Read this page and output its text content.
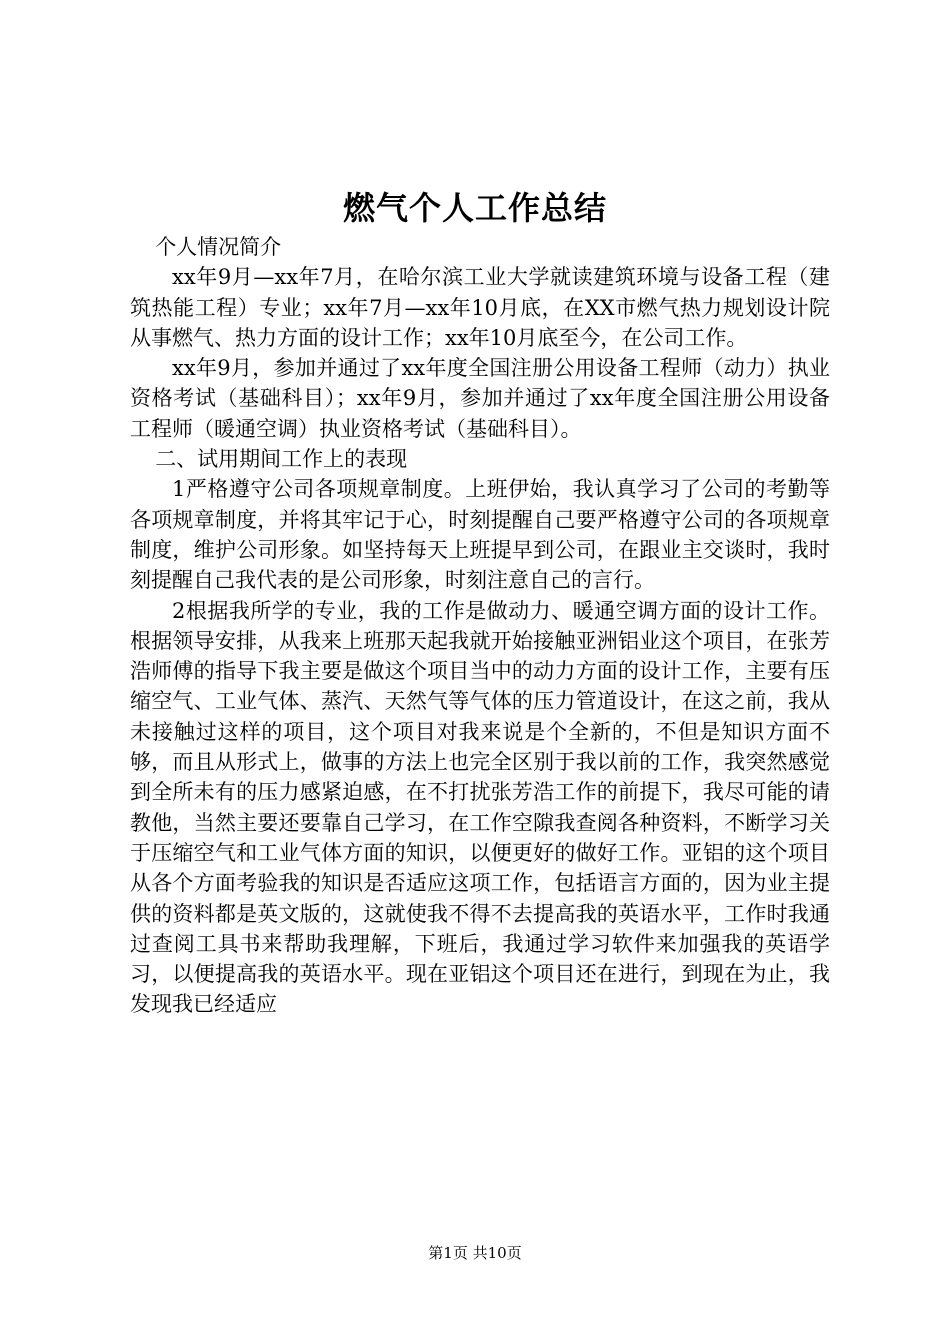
燃气个人工作总结

个人情况简介

xx年9月—xx年7月，在哈尔滨工业大学就读建筑环境与设备工程（建筑热能工程）专业；xx年7月—xx年10月底，在XX市燃气热力规划设计院从事燃气、热力方面的设计工作；xx年10月底至今，在公司工作。

xx年9月，参加并通过了xx年度全国注册公用设备工程师（动力）执业资格考试（基础科目）；xx年9月，参加并通过了xx年度全国注册公用设备工程师（暖通空调）执业资格考试（基础科目）。

二、试用期间工作上的表现

1严格遵守公司各项规章制度。上班伊始，我认真学习了公司的考勤等各项规章制度，并将其牢记于心，时刻提醒自己要严格遵守公司的各项规章制度，维护公司形象。如坚持每天上班提早到公司，在跟业主交谈时，我时刻提醒自己我代表的是公司形象，时刻注意自己的言行。

2根据我所学的专业，我的工作是做动力、暖通空调方面的设计工作。根据领导安排，从我来上班那天起我就开始接触亚洲铝业这个项目，在张芳浩师傅的指导下我主要是做这个项目当中的动力方面的设计工作，主要有压缩空气、工业气体、蒸汽、天然气等气体的压力管道设计，在这之前，我从未接触过这样的项目，这个项目对我来说是个全新的，不但是知识方面不够，而且从形式上，做事的方法上也完全区别于我以前的工作，我突然感觉到全所未有的压力感紧迫感，在不打扰张芳浩工作的前提下，我尽可能的请教他，当然主要还要靠自己学习，在工作空隙我查阅各种资料，不断学习关于压缩空气和工业气体方面的知识，以便更好的做好工作。亚铝的这个项目从各个方面考验我的知识是否适应这项工作，包括语言方面的，因为业主提供的资料都是英文版的，这就使我不得不去提高我的英语水平，工作时我通过查阅工具书来帮助我理解，下班后，我通过学习软件来加强我的英语学习，以便提高我的英语水平。现在亚铝这个项目还在进行，到现在为止，我发现我已经适应

第1页 共10页
